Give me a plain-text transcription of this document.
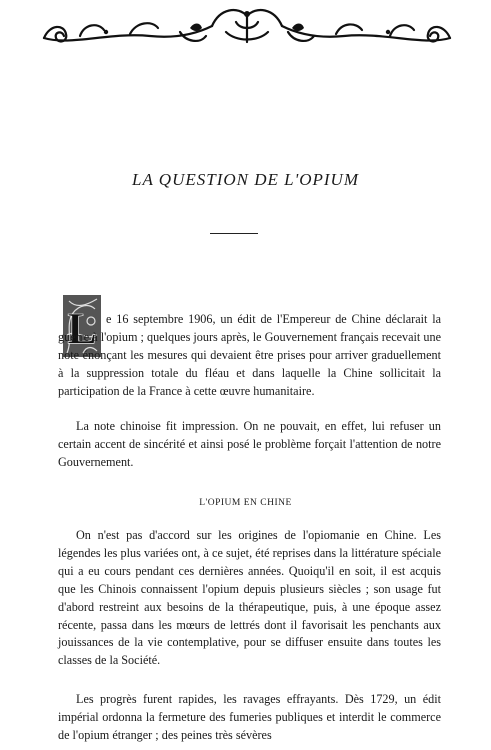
LA QUESTION DE L'OPIUM
L e 16 septembre 1906, un édit de l'Empereur de Chine déclarait la guerre à l'opium ; quelques jours après, le Gouvernement français recevait une note énonçant les mesures qui devaient être prises pour arriver graduellement à la suppression totale du fléau et dans laquelle la Chine sollicitait la participation de la France à cette œuvre humanitaire.
La note chinoise fit impression. On ne pouvait, en effet, lui refuser un certain accent de sincérité et ainsi posé le problème forçait l'attention de notre Gouvernement.
L'OPIUM EN CHINE
On n'est pas d'accord sur les origines de l'opiomanie en Chine. Les légendes les plus variées ont, à ce sujet, été reprises dans la littérature spéciale qui a eu cours pendant ces dernières années. Quoiqu'il en soit, il est acquis que les Chinois connaissent l'opium depuis plusieurs siècles ; son usage fut d'abord restreint aux besoins de la thérapeutique, puis, à une époque assez récente, passa dans les mœurs de lettrés dont il favorisait les penchants aux jouissances de la vie contemplative, pour se diffuser ensuite dans toutes les classes de la Société.
Les progrès furent rapides, les ravages effrayants. Dès 1729, un édit impérial ordonna la fermeture des fumeries publiques et interdit le commerce de l'opium étranger ; des peines très sévères
